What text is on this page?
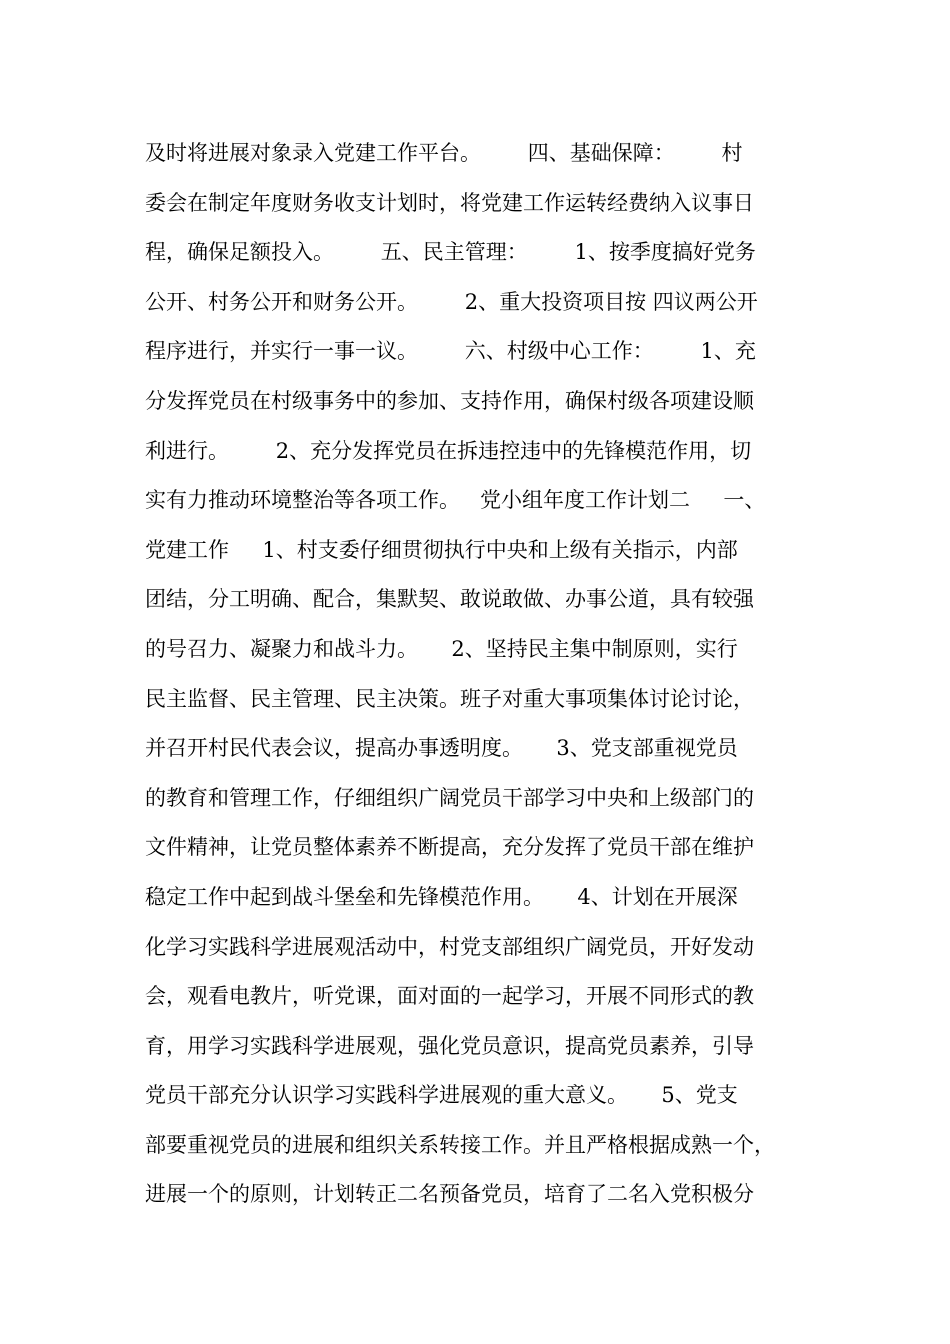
及时将进展对象录入党建工作平台。       四、基础保障：       村
委会在制定年度财务收支计划时，将党建工作运转经费纳入议事日
程，确保足额投入。       五、民主管理：       1、按季度搞好党务
公开、村务公开和财务公开。       2、重大投资项目按 四议两公开
程序进行，并实行一事一议。       六、村级中心工作：       1、充
分发挥党员在村级事务中的参加、支持作用，确保村级各项建设顺
利进行。       2、充分发挥党员在拆违控违中的先锋模范作用，切
实有力推动环境整治等各项工作。   党小组年度工作计划二     一、
党建工作     1、村支委仔细贯彻执行中央和上级有关指示，内部
团结，分工明确、配合，集默契、敢说敢做、办事公道，具有较强
的号召力、凝聚力和战斗力。     2、坚持民主集中制原则，实行
民主监督、民主管理、民主决策。班子对重大事项集体讨论讨论，
并召开村民代表会议，提高办事透明度。     3、党支部重视党员
的教育和管理工作，仔细组织广阔党员干部学习中央和上级部门的
文件精神，让党员整体素养不断提高，充分发挥了党员干部在维护
稳定工作中起到战斗堡垒和先锋模范作用。     4、计划在开展深
化学习实践科学进展观活动中，村党支部组织广阔党员，开好发动
会，观看电教片，听党课，面对面的一起学习，开展不同形式的教
育，用学习实践科学进展观，强化党员意识，提高党员素养，引导
党员干部充分认识学习实践科学进展观的重大意义。     5、党支
部要重视党员的进展和组织关系转接工作。并且严格根据成熟一个，
进展一个的原则，计划转正二名预备党员，培育了二名入党积极分
